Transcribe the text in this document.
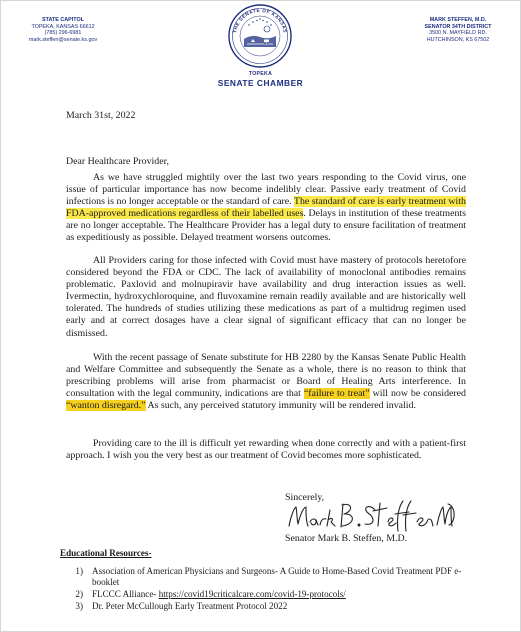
STATE CAPITOL
TOPEKA, KANSAS 66612
(785) 296-6981
mark.steffen@senate.ks.gov
THE SENATE OF KANSAS
MARK STEFFEN, M.D.
SENATOR 34TH DISTRICT
3500 N. MAYFIELD RD.
HUTCHINSON, KS 67502
TOPEKA
SENATE CHAMBER
March 31st, 2022
Dear Healthcare Provider,

As we have struggled mightily over the last two years responding to the Covid virus, one issue of particular importance has now become indelibly clear. Passive early treatment of Covid infections is no longer acceptable or the standard of care. The standard of care is early treatment with FDA-approved medications regardless of their labelled uses. Delays in institution of these treatments are no longer acceptable. The Healthcare Provider has a legal duty to ensure facilitation of treatment as expeditiously as possible. Delayed treatment worsens outcomes.

All Providers caring for those infected with Covid must have mastery of protocols heretofore considered beyond the FDA or CDC. The lack of availability of monoclonal antibodies remains problematic. Paxlovid and molnupiravir have availability and drug interaction issues as well. Ivermectin, hydroxychloroquine, and fluvoxamine remain readily available and are historically well tolerated. The hundreds of studies utilizing these medications as part of a multidrug regimen used early and at correct dosages have a clear signal of significant efficacy that can no longer be dismissed.

With the recent passage of Senate substitute for HB 2280 by the Kansas Senate Public Health and Welfare Committee and subsequently the Senate as a whole, there is no reason to think that prescribing problems will arise from pharmacist or Board of Healing Arts interference. In consultation with the legal community, indications are that “failure to treat” will now be considered “wanton disregard.” As such, any perceived statutory immunity will be rendered invalid.

Providing care to the ill is difficult yet rewarding when done correctly and with a patient-first approach. I wish you the very best as our treatment of Covid becomes more sophisticated.

Sincerely,
Senator Mark B. Steffen, M.D.
Educational Resources-
1) Association of American Physicians and Surgeons- A Guide to Home-Based Covid Treatment PDF e-booklet
2) FLCCC Alliance- https://covid19criticalcare.com/covid-19-protocols/
3) Dr. Peter McCullough Early Treatment Protocol 2022
